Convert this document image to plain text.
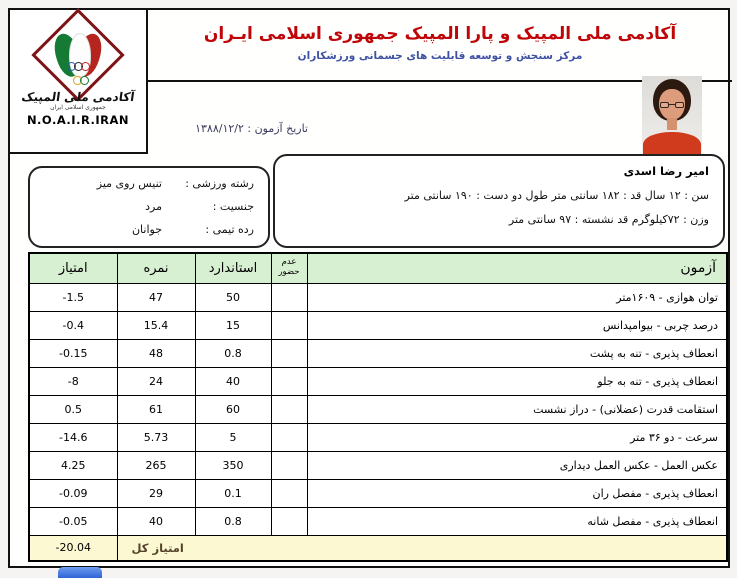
آکادمی ملی المپیک
جمهوری اسلامی ایران
N.O.A.I.R.IRAN
آکادمی ملی المپیک و پارا المپیک جمهوری اسلامی ایـران
مرکز سنجش و توسعه قابلیت های جسمانی ورزشکاران
تاریخ آزمون : ۱۳۸۸/۱۲/۲
امیر رضا اسدی
سن : ۱۲ سال قد : ۱۸۲ سانتی متر طول دو دست : ۱۹۰ سانتی متر
وزن : ۷۲کیلوگرم قد نشسته : ۹۷ سانتی متر
رشته ورزشی :
تنیس روی میز
جنسیت :
مرد
رده تیمی :
جوانان
آزمون	عدم حضور	استاندارد	نمره	امتیاز
توان هوازی - ۱۶۰۹متر		50	47	-1.5
درصد چربی - بیوامپدانس		15	15.4	-0.4
انعطاف پذیری - تنه به پشت		0.8	48	-0.15
انعطاف پذیری - تنه به جلو		40	24	-8
استقامت قدرت (عضلانی) - دراز نشست		60	61	0.5
سرعت - دو ۳۶ متر		5	5.73	-14.6
عکس العمل - عکس العمل دیداری		350	265	4.25
انعطاف پذیری - مفصل ران		0.1	29	-0.09
انعطاف پذیری - مفصل شانه		0.8	40	-0.05
امتیاز کل				-20.04
